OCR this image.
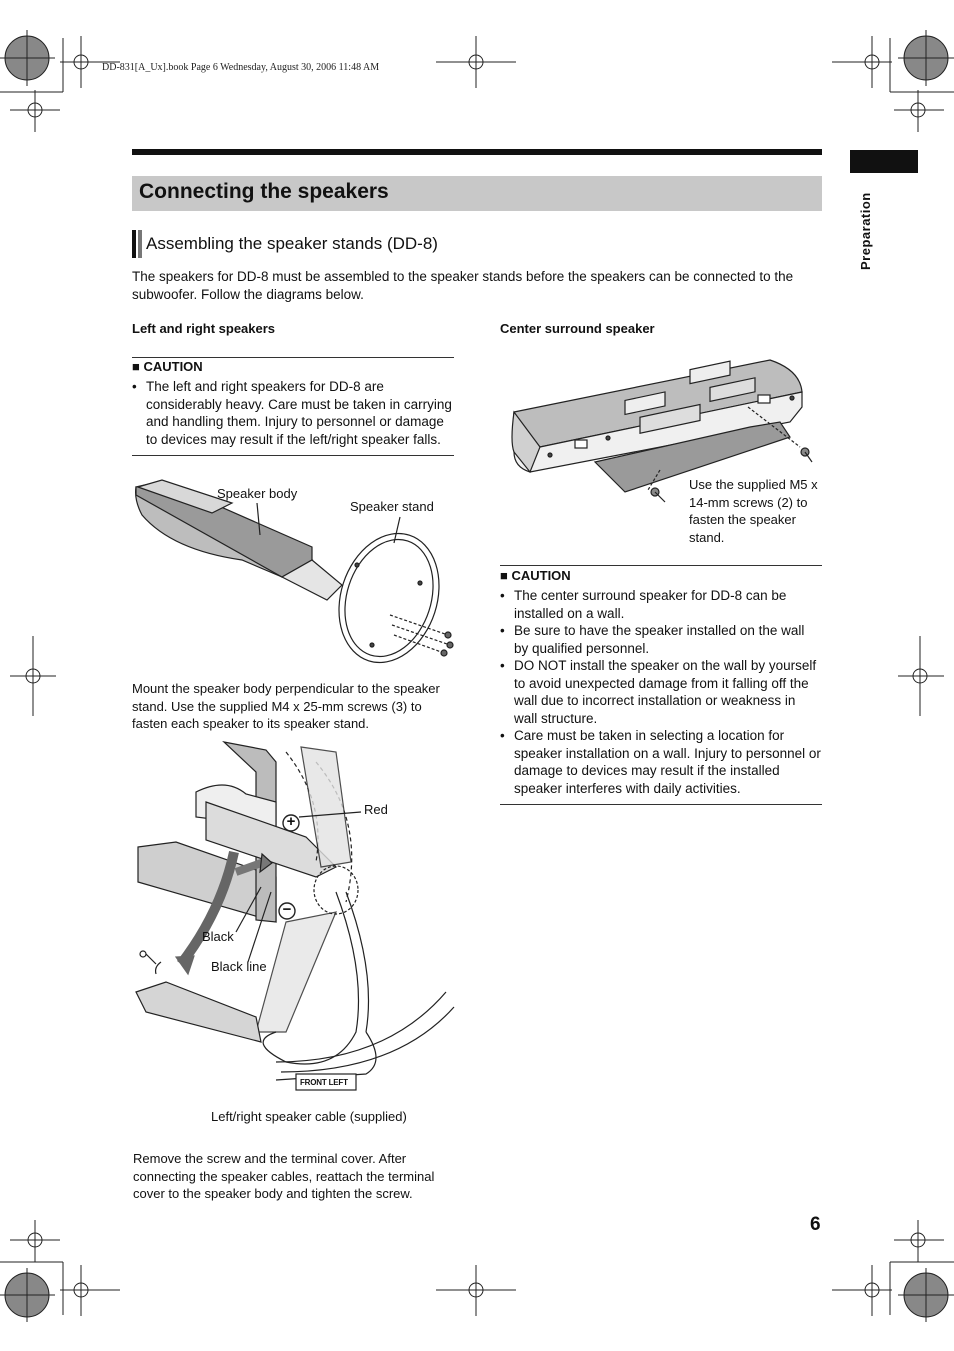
DD-831[A_Ux].book Page 6 Wednesday, August 30, 2006 11:48 AM
Preparation
Connecting the speakers
Assembling the speaker stands (DD-8)
The speakers for DD-8 must be assembled to the speaker stands before the speakers can be connected to the subwoofer. Follow the diagrams below.
Left and right speakers
■ CAUTION
• The left and right speakers for DD-8 are considerably heavy. Care must be taken in carrying and handling them. Injury to personnel or damage to devices may result if the left/right speaker falls.
Speaker body
Speaker stand
Mount the speaker body perpendicular to the speaker stand. Use the supplied M4 x 25-mm screws (3) to fasten each speaker to its speaker stand.
+
−
Red
Black
Black line
FRONT LEFT
Left/right speaker cable (supplied)
Remove the screw and the terminal cover. After connecting the speaker cables, reattach the terminal cover to the speaker body and tighten the screw.
Center surround speaker
Use the supplied M5 x 14-mm screws (2) to fasten the speaker stand.
■ CAUTION
• The center surround speaker for DD-8 can be installed on a wall.
• Be sure to have the speaker installed on the wall by qualified personnel.
• DO NOT install the speaker on the wall by yourself to avoid unexpected damage from it falling off the wall due to incorrect installation or weakness in wall structure.
• Care must be taken in selecting a location for speaker installation on a wall. Injury to personnel or damage to devices may result if the installed speaker interferes with daily activities.
6
